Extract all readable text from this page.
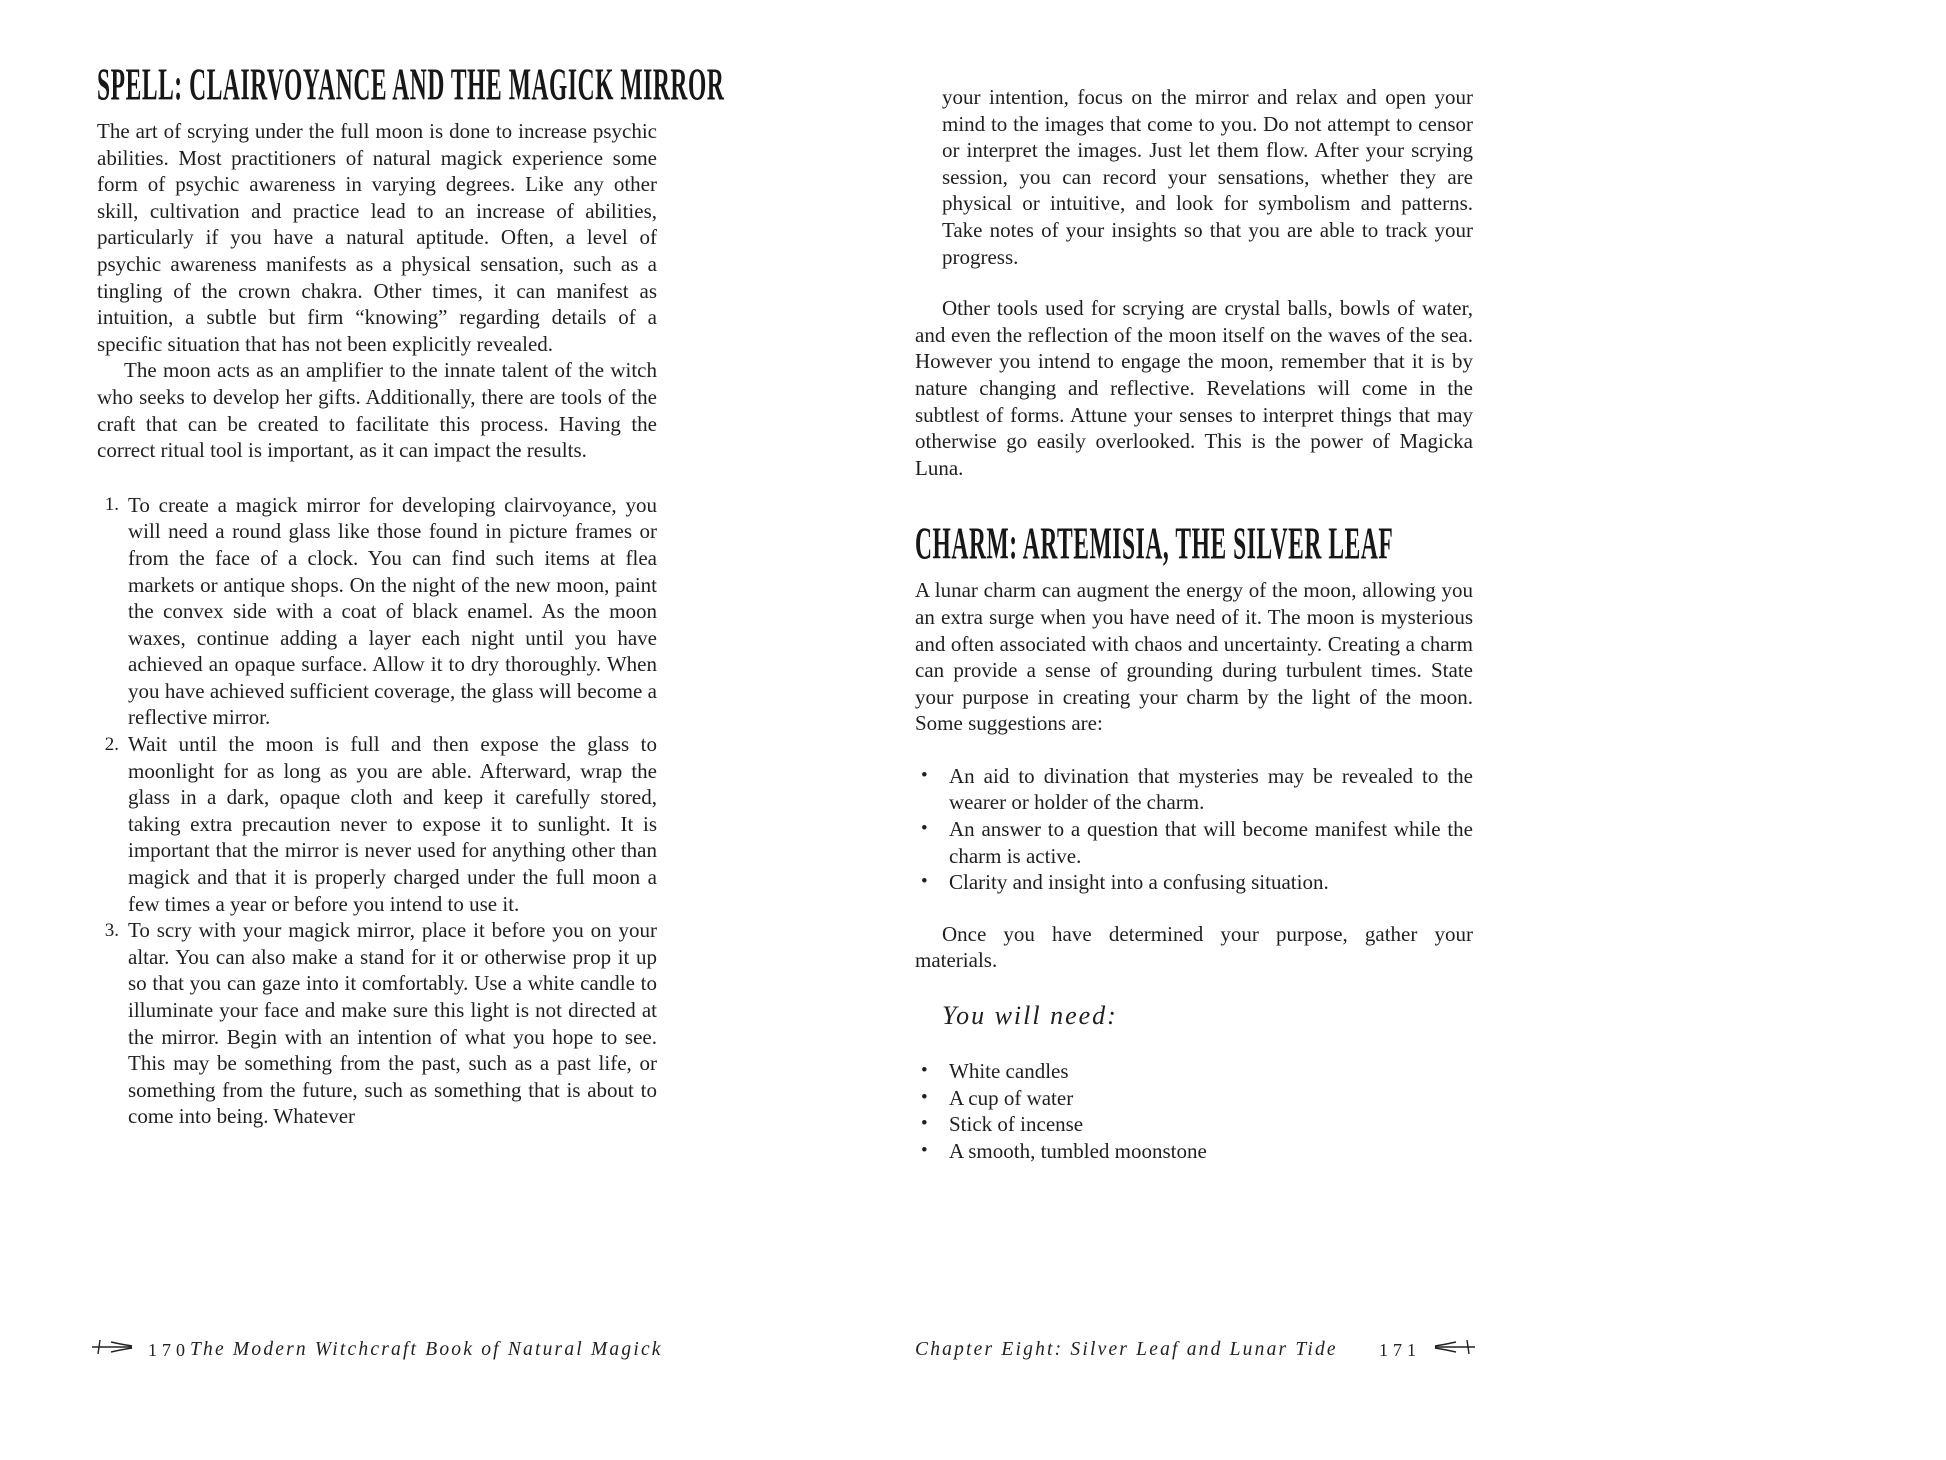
SPELL: CLAIRVOYANCE AND THE MAGICK MIRROR

The art of scrying under the full moon is done to increase psychic abilities. Most practitioners of natural magick experience some form of psychic awareness in varying degrees. Like any other skill, cultivation and practice lead to an increase of abilities, particularly if you have a natural aptitude. Often, a level of psychic awareness manifests as a physical sensation, such as a tingling of the crown chakra. Other times, it can manifest as intuition, a subtle but firm “knowing” regarding details of a specific situation that has not been explicitly revealed.

The moon acts as an amplifier to the innate talent of the witch who seeks to develop her gifts. Additionally, there are tools of the craft that can be created to facilitate this process. Having the correct ritual tool is important, as it can impact the results.

1. To create a magick mirror for developing clairvoyance, you will need a round glass like those found in picture frames or from the face of a clock. You can find such items at flea markets or antique shops. On the night of the new moon, paint the convex side with a coat of black enamel. As the moon waxes, continue adding a layer each night until you have achieved an opaque surface. Allow it to dry thoroughly. When you have achieved sufficient coverage, the glass will become a reflective mirror.
2. Wait until the moon is full and then expose the glass to moonlight for as long as you are able. Afterward, wrap the glass in a dark, opaque cloth and keep it carefully stored, taking extra precaution never to expose it to sunlight. It is important that the mirror is never used for anything other than magick and that it is properly charged under the full moon a few times a year or before you intend to use it.
3. To scry with your magick mirror, place it before you on your altar. You can also make a stand for it or otherwise prop it up so that you can gaze into it comfortably. Use a white candle to illuminate your face and make sure this light is not directed at the mirror. Begin with an intention of what you hope to see. This may be something from the past, such as a past life, or something from the future, such as something that is about to come into being. Whatever
your intention, focus on the mirror and relax and open your mind to the images that come to you. Do not attempt to censor or interpret the images. Just let them flow. After your scrying session, you can record your sensations, whether they are physical or intuitive, and look for symbolism and patterns. Take notes of your insights so that you are able to track your progress.

Other tools used for scrying are crystal balls, bowls of water, and even the reflection of the moon itself on the waves of the sea. However you intend to engage the moon, remember that it is by nature changing and reflective. Revelations will come in the subtlest of forms. Attune your senses to interpret things that may otherwise go easily overlooked. This is the power of Magicka Luna.

CHARM: ARTEMISIA, THE SILVER LEAF

A lunar charm can augment the energy of the moon, allowing you an extra surge when you have need of it. The moon is mysterious and often associated with chaos and uncertainty. Creating a charm can provide a sense of grounding during turbulent times. State your purpose in creating your charm by the light of the moon. Some suggestions are:

•	An aid to divination that mysteries may be revealed to the wearer or holder of the charm.
•	An answer to a question that will become manifest while the charm is active.
•	Clarity and insight into a confusing situation.

Once you have determined your purpose, gather your materials.

You will need:
•	White candles
•	A cup of water
•	Stick of incense
•	A smooth, tumbled moonstone
170 The Modern Witchcraft Book of Natural Magick	Chapter Eight: Silver Leaf and Lunar Tide 171
